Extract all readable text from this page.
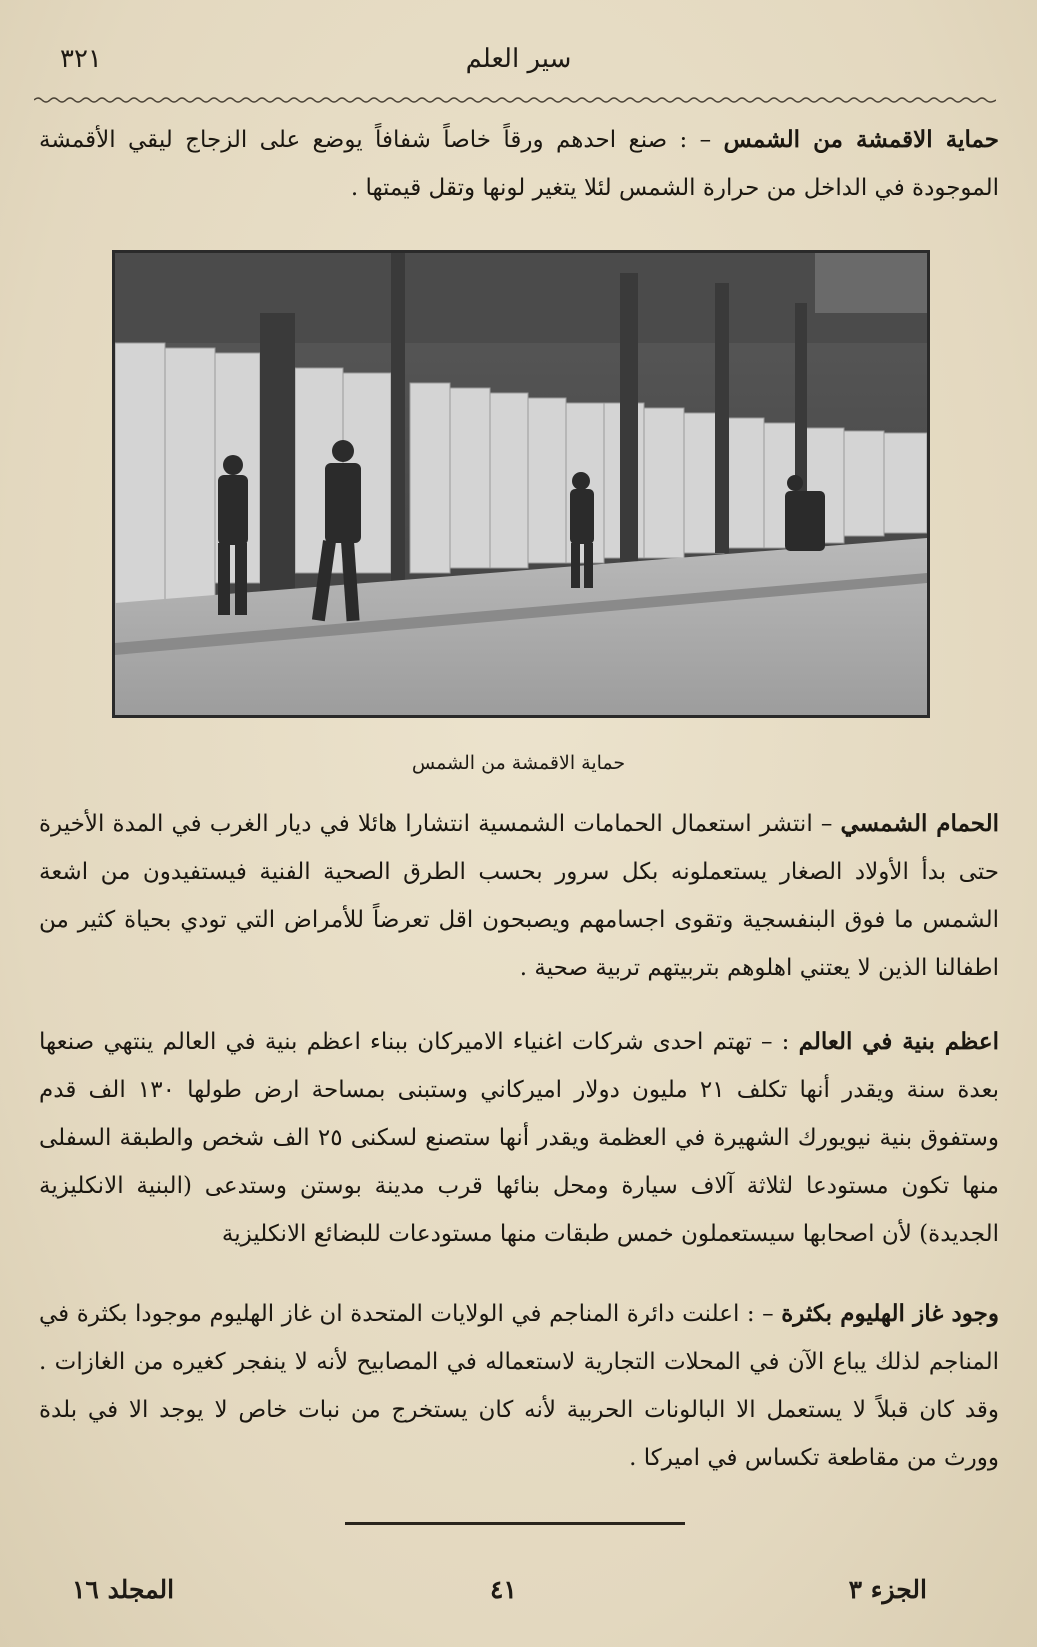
سير العلم
٣٢١
حماية الاقمشة من الشمس – : صنع احدهم ورقاً خاصاً شفافاً يوضع على الزجاج ليقي الأقمشة الموجودة في الداخل من حرارة الشمس لئلا يتغير لونها وتقل قيمتها .
حماية الاقمشة من الشمس
الحمام الشمسي – انتشر استعمال الحمامات الشمسية انتشارا هائلا في ديار الغرب في المدة الأخيرة حتى بدأ الأولاد الصغار يستعملونه بكل سرور بحسب الطرق الصحية الفنية فيستفيدون من اشعة الشمس ما فوق البنفسجية وتقوى اجسامهم ويصبحون اقل تعرضاً للأمراض التي تودي بحياة كثير من اطفالنا الذين لا يعتني اهلوهم بتربيتهم تربية صحية .
اعظم بنية في العالم : – تهتم احدى شركات اغنياء الاميركان ببناء اعظم بنية في العالم ينتهي صنعها بعدة سنة ويقدر أنها تكلف ٢١ مليون دولار اميركاني وستبنى بمساحة ارض طولها ١٣٠ الف قدم وستفوق بنية نيويورك الشهيرة في العظمة ويقدر أنها ستصنع لسكنى ٢٥ الف شخص والطبقة السفلى منها تكون مستودعا لثلاثة آلاف سيارة ومحل بنائها قرب مدينة بوستن وستدعى (البنية الانكليزية الجديدة) لأن اصحابها سيستعملون خمس طبقات منها مستودعات للبضائع الانكليزية
وجود غاز الهليوم بكثرة – : اعلنت دائرة المناجم في الولايات المتحدة ان غاز الهليوم موجودا بكثرة في المناجم لذلك يباع الآن في المحلات التجارية لاستعماله في المصابيح لأنه لا ينفجر كغيره من الغازات . وقد كان قبلاً لا يستعمل الا البالونات الحربية لأنه كان يستخرج من نبات خاص لا يوجد الا في بلدة وورث من مقاطعة تكساس في اميركا .
الجزء ٣
٤١
المجلد ١٦
